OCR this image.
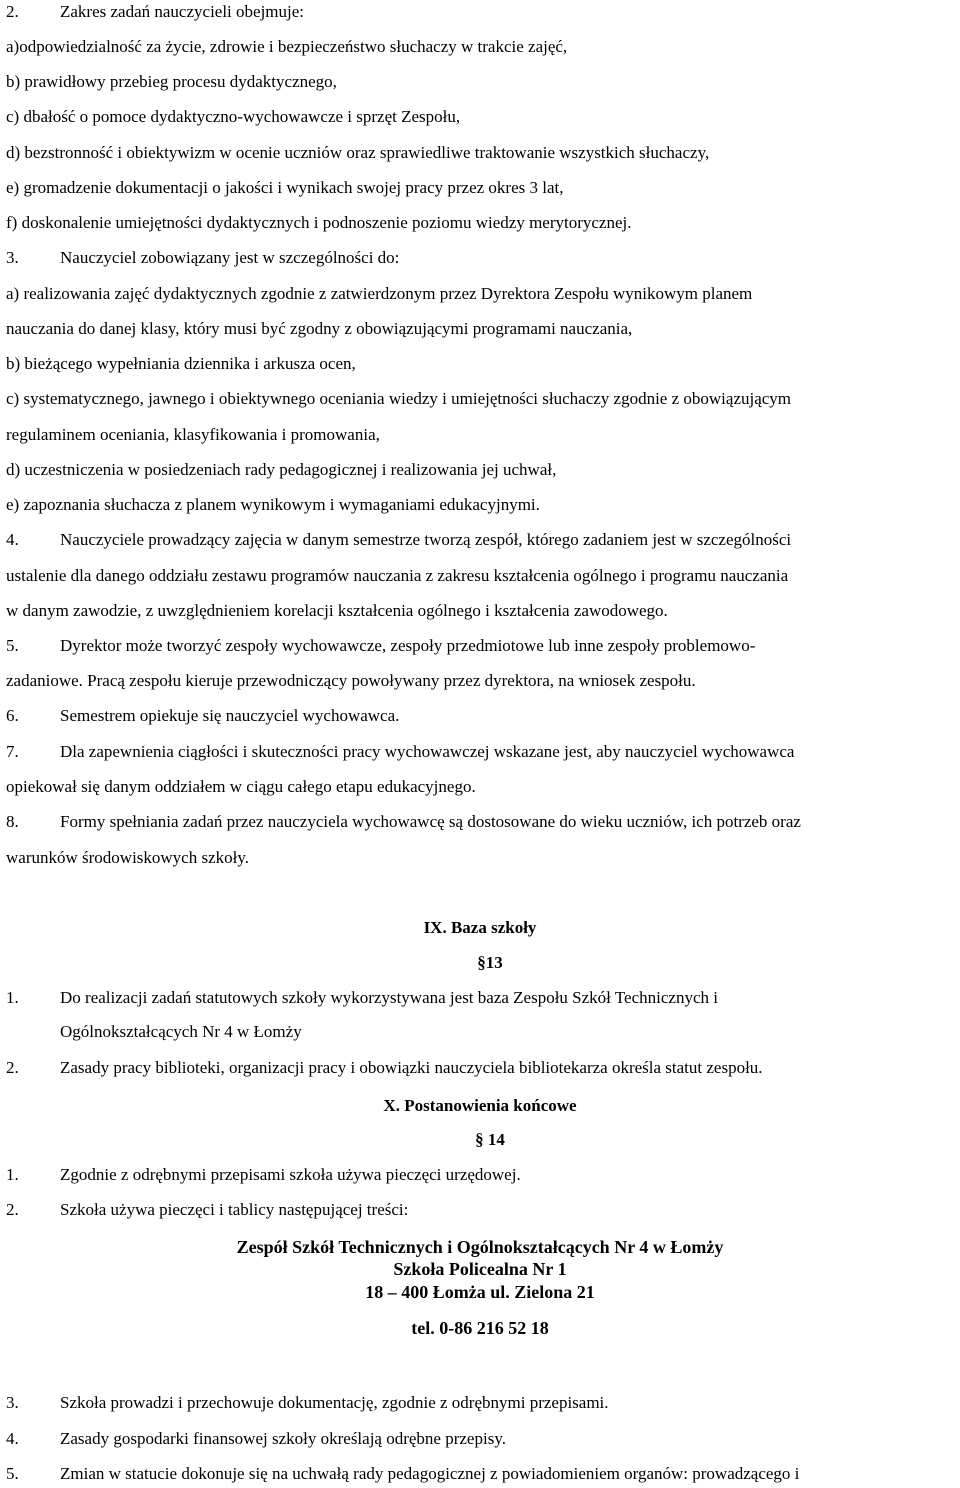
2. Zakres zadań nauczycieli obejmuje:
a)odpowiedzialność za życie, zdrowie i bezpieczeństwo słuchaczy w trakcie zajęć,
b) prawidłowy przebieg procesu dydaktycznego,
c) dbałość o pomoce dydaktyczno-wychowawcze i sprzęt Zespołu,
d) bezstronność i obiektywizm w ocenie uczniów oraz sprawiedliwe traktowanie wszystkich słuchaczy,
e) gromadzenie dokumentacji o jakości i wynikach swojej pracy przez okres 3 lat,
f) doskonalenie umiejętności dydaktycznych i podnoszenie poziomu wiedzy merytorycznej.
3. Nauczyciel zobowiązany jest w szczególności do:
a) realizowania zajęć dydaktycznych zgodnie z zatwierdzonym przez Dyrektora Zespołu wynikowym planem
nauczania do danej klasy, który musi być zgodny z obowiązującymi programami nauczania,
b) bieżącego wypełniania dziennika i arkusza ocen,
c) systematycznego, jawnego i obiektywnego oceniania wiedzy i umiejętności słuchaczy zgodnie z obowiązującym
regulaminem oceniania, klasyfikowania i promowania,
d) uczestniczenia w posiedzeniach rady pedagogicznej i realizowania jej uchwał,
e) zapoznania słuchacza z planem wynikowym i wymaganiami edukacyjnymi.
4. Nauczyciele prowadzący zajęcia w danym semestrze tworzą zespół, którego zadaniem jest w szczególności
ustalenie dla danego oddziału zestawu programów nauczania z zakresu kształcenia ogólnego i programu nauczania
w danym zawodzie, z uwzględnieniem korelacji kształcenia ogólnego i kształcenia zawodowego.
5. Dyrektor może tworzyć zespoły wychowawcze, zespoły przedmiotowe lub inne zespoły problemowo-
zadaniowe. Pracą zespołu kieruje przewodniczący powoływany przez dyrektora, na wniosek zespołu.
6. Semestrem opiekuje się nauczyciel wychowawca.
7. Dla zapewnienia ciągłości i skuteczności pracy wychowawczej wskazane jest, aby nauczyciel wychowawca
opiekował się danym oddziałem w ciągu całego etapu edukacyjnego.
8. Formy spełniania zadań przez nauczyciela wychowawcę są dostosowane do wieku uczniów, ich potrzeb oraz
warunków środowiskowych szkoły.
IX. Baza szkoły
§13
1. Do realizacji zadań statutowych szkoły wykorzystywana jest baza Zespołu Szkół Technicznych i
Ogólnokształcących Nr 4 w Łomży
2. Zasady pracy biblioteki, organizacji pracy i obowiązki nauczyciela bibliotekarza określa statut zespołu.
X. Postanowienia końcowe
§ 14
1. Zgodnie z odrębnymi przepisami szkoła używa pieczęci urzędowej.
2. Szkoła używa pieczęci i tablicy następującej treści:
Zespół Szkół Technicznych i Ogólnokształcących Nr 4 w Łomży
Szkoła Policealna Nr 1
18 – 400 Łomża ul. Zielona 21
tel. 0-86 216 52 18
3. Szkoła prowadzi i przechowuje dokumentację, zgodnie z odrębnymi przepisami.
4. Zasady gospodarki finansowej szkoły określają odrębne przepisy.
5. Zmian w statucie dokonuje się na uchwałą rady pedagogicznej z powiadomieniem organów: prowadzącego i
